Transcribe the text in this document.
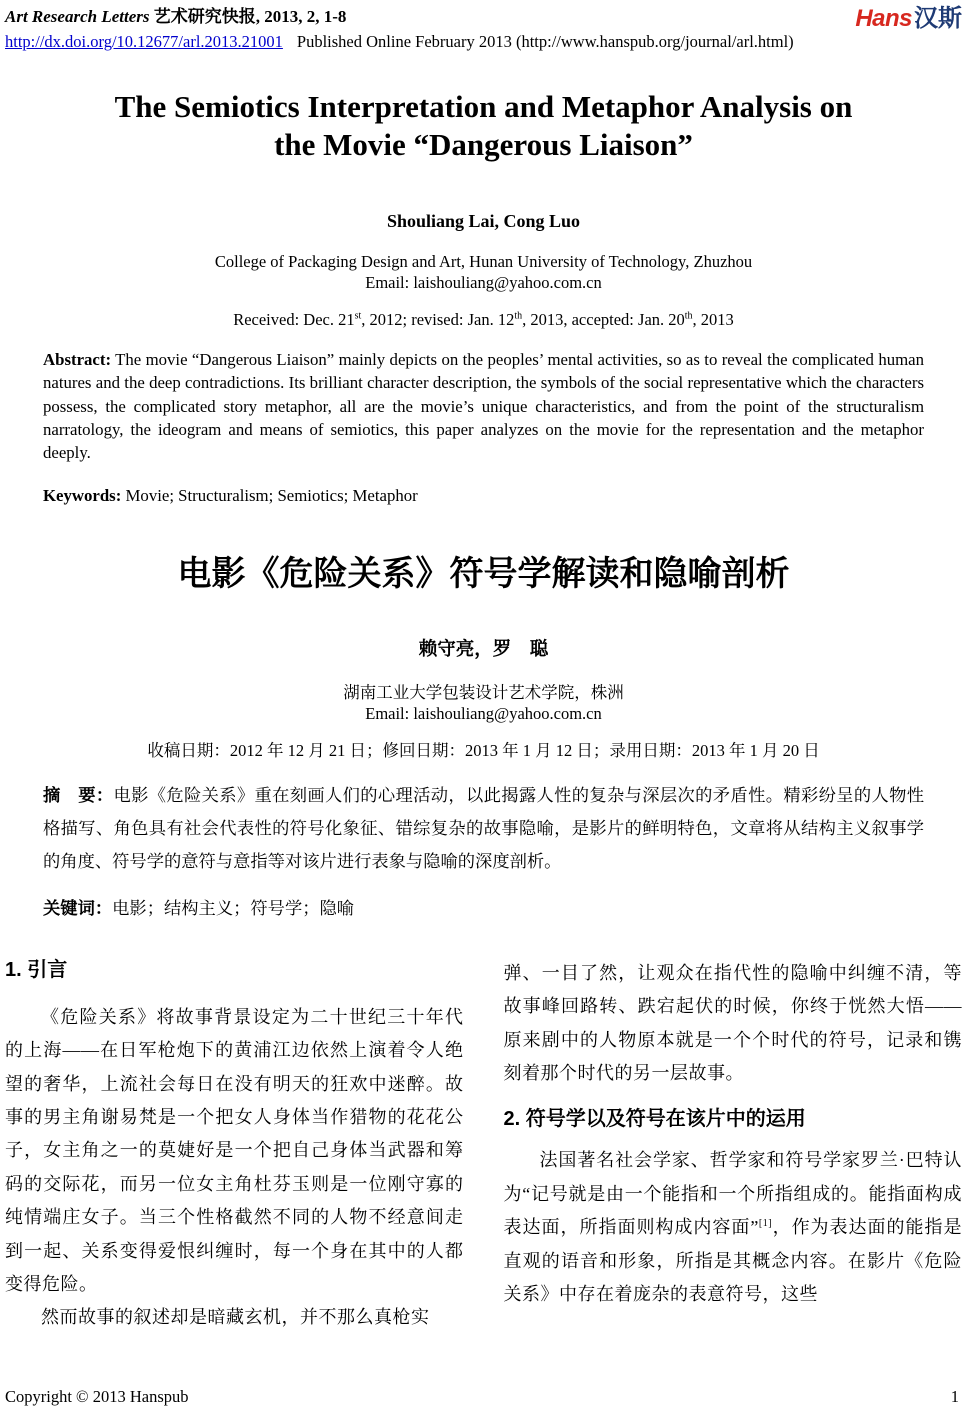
Art Research Letters 艺术研究快报, 2013, 2, 1-8
http://dx.doi.org/10.12677/arl.2013.21001 Published Online February 2013 (http://www.hanspub.org/journal/arl.html)
Hans汉斯
The Semiotics Interpretation and Metaphor Analysis on
the Movie “Dangerous Liaison”
Shouliang Lai, Cong Luo
College of Packaging Design and Art, Hunan University of Technology, Zhuzhou
Email: laishouliang@yahoo.com.cn
Received: Dec. 21st, 2012; revised: Jan. 12th, 2013, accepted: Jan. 20th, 2013
Abstract: The movie “Dangerous Liaison” mainly depicts on the peoples’ mental activities, so as to reveal the complicated human natures and the deep contradictions. Its brilliant character description, the symbols of the social representative which the characters possess, the complicated story metaphor, all are the movie’s unique characteristics, and from the point of the structuralism narratology, the ideogram and means of semiotics, this paper analyzes on the movie for the representation and the metaphor deeply.
Keywords: Movie; Structuralism; Semiotics; Metaphor
电影《危险关系》符号学解读和隐喻剖析
赖守亮，罗　聪
湖南工业大学包装设计艺术学院，株洲
Email: laishouliang@yahoo.com.cn
收稿日期：2012 年 12 月 21 日；修回日期：2013 年 1 月 12 日；录用日期：2013 年 1 月 20 日
摘　要：电影《危险关系》重在刻画人们的心理活动，以此揭露人性的复杂与深层次的矛盾性。精彩纷呈的人物性格描写、角色具有社会代表性的符号化象征、错综复杂的故事隐喻，是影片的鲜明特色，文章将从结构主义叙事学的角度、符号学的意符与意指等对该片进行表象与隐喻的深度剖析。
关键词：电影；结构主义；符号学；隐喻
1. 引言

《危险关系》将故事背景设定为二十世纪三十年代的上海——在日军枪炮下的黄浦江边依然上演着令人绝望的奢华，上流社会每日在没有明天的狂欢中迷醉。故事的男主角谢易梵是一个把女人身体当作猎物的花花公子，女主角之一的莫婕好是一个把自己身体当武器和筹码的交际花，而另一位女主角杜芬玉则是一位刚守寡的纯情端庄女子。当三个性格截然不同的人物不经意间走到一起、关系变得爱恨纠缠时，每一个身在其中的人都变得危险。

然而故事的叙述却是暗藏玄机，并不那么真枪实

弹、一目了然，让观众在指代性的隐喻中纠缠不清，等故事峰回路转、跌宕起伏的时候，你终于恍然大悟——原来剧中的人物原本就是一个个时代的符号，记录和镌刻着那个时代的另一层故事。

2. 符号学以及符号在该片中的运用

法国著名社会学家、哲学家和符号学家罗兰·巴特认为“记号就是由一个能指和一个所指组成的。能指面构成表达面，所指面则构成内容面”[1]，作为表达面的能指是直观的语音和形象，所指是其概念内容。在影片《危险关系》中存在着庞杂的表意符号，这些

Copyright © 2013 Hanspub	1
